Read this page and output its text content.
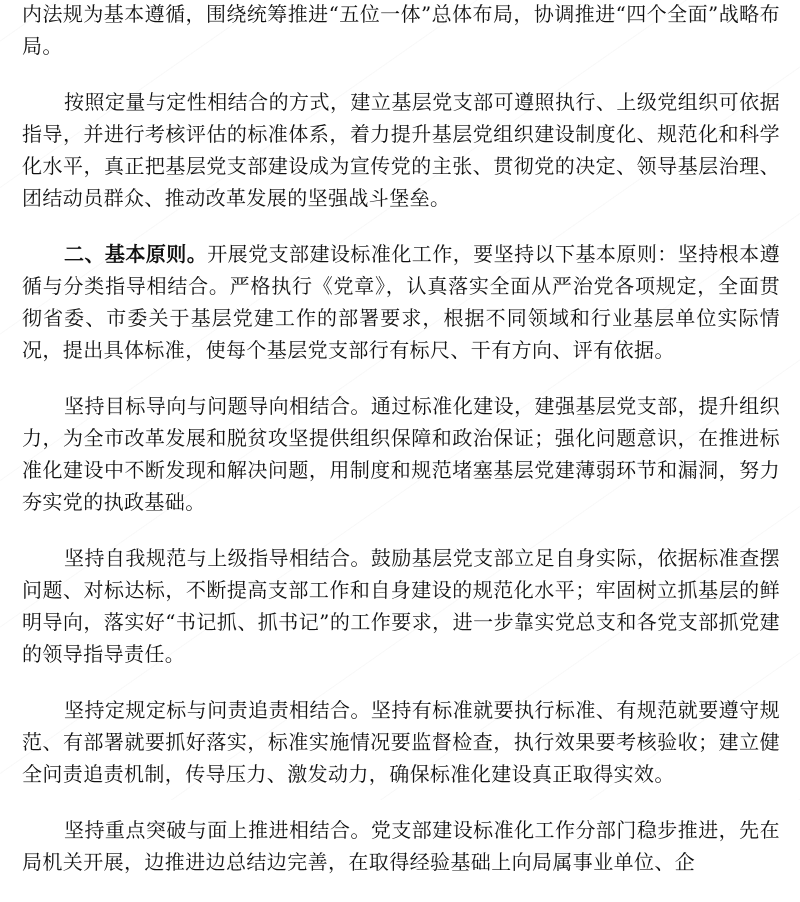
内法规为基本遵循，围绕统筹推进“五位一体”总体布局，协调推进“四个全面”战略布局。

按照定量与定性相结合的方式，建立基层党支部可遵照执行、上级党组织可依据指导，并进行考核评估的标准体系，着力提升基层党组织建设制度化、规范化和科学化水平，真正把基层党支部建设成为宣传党的主张、贯彻党的决定、领导基层治理、团结动员群众、推动改革发展的坚强战斗堡垒。

二、基本原则。开展党支部建设标准化工作，要坚持以下基本原则：坚持根本遵循与分类指导相结合。严格执行《党章》，认真落实全面从严治党各项规定，全面贯彻省委、市委关于基层党建工作的部署要求，根据不同领域和行业基层单位实际情况，提出具体标准，使每个基层党支部行有标尺、干有方向、评有依据。

坚持目标导向与问题导向相结合。通过标准化建设，建强基层党支部，提升组织力，为全市改革发展和脱贫攻坚提供组织保障和政治保证；强化问题意识，在推进标准化建设中不断发现和解决问题，用制度和规范堵塞基层党建薄弱环节和漏洞，努力夯实党的执政基础。

坚持自我规范与上级指导相结合。鼓励基层党支部立足自身实际，依据标准查摆问题、对标达标，不断提高支部工作和自身建设的规范化水平；牢固树立抓基层的鲜明导向，落实好“书记抓、抓书记”的工作要求，进一步靠实党总支和各党支部抓党建的领导指导责任。

坚持定规定标与问责追责相结合。坚持有标准就要执行标准、有规范就要遵守规范、有部署就要抓好落实，标准实施情况要监督检查，执行效果要考核验收；建立健全问责追责机制，传导压力、激发动力，确保标准化建设真正取得实效。

坚持重点突破与面上推进相结合。党支部建设标准化工作分部门稳步推进，先在局机关开展，边推进边总结边完善，在取得经验基础上向局属事业单位、企
